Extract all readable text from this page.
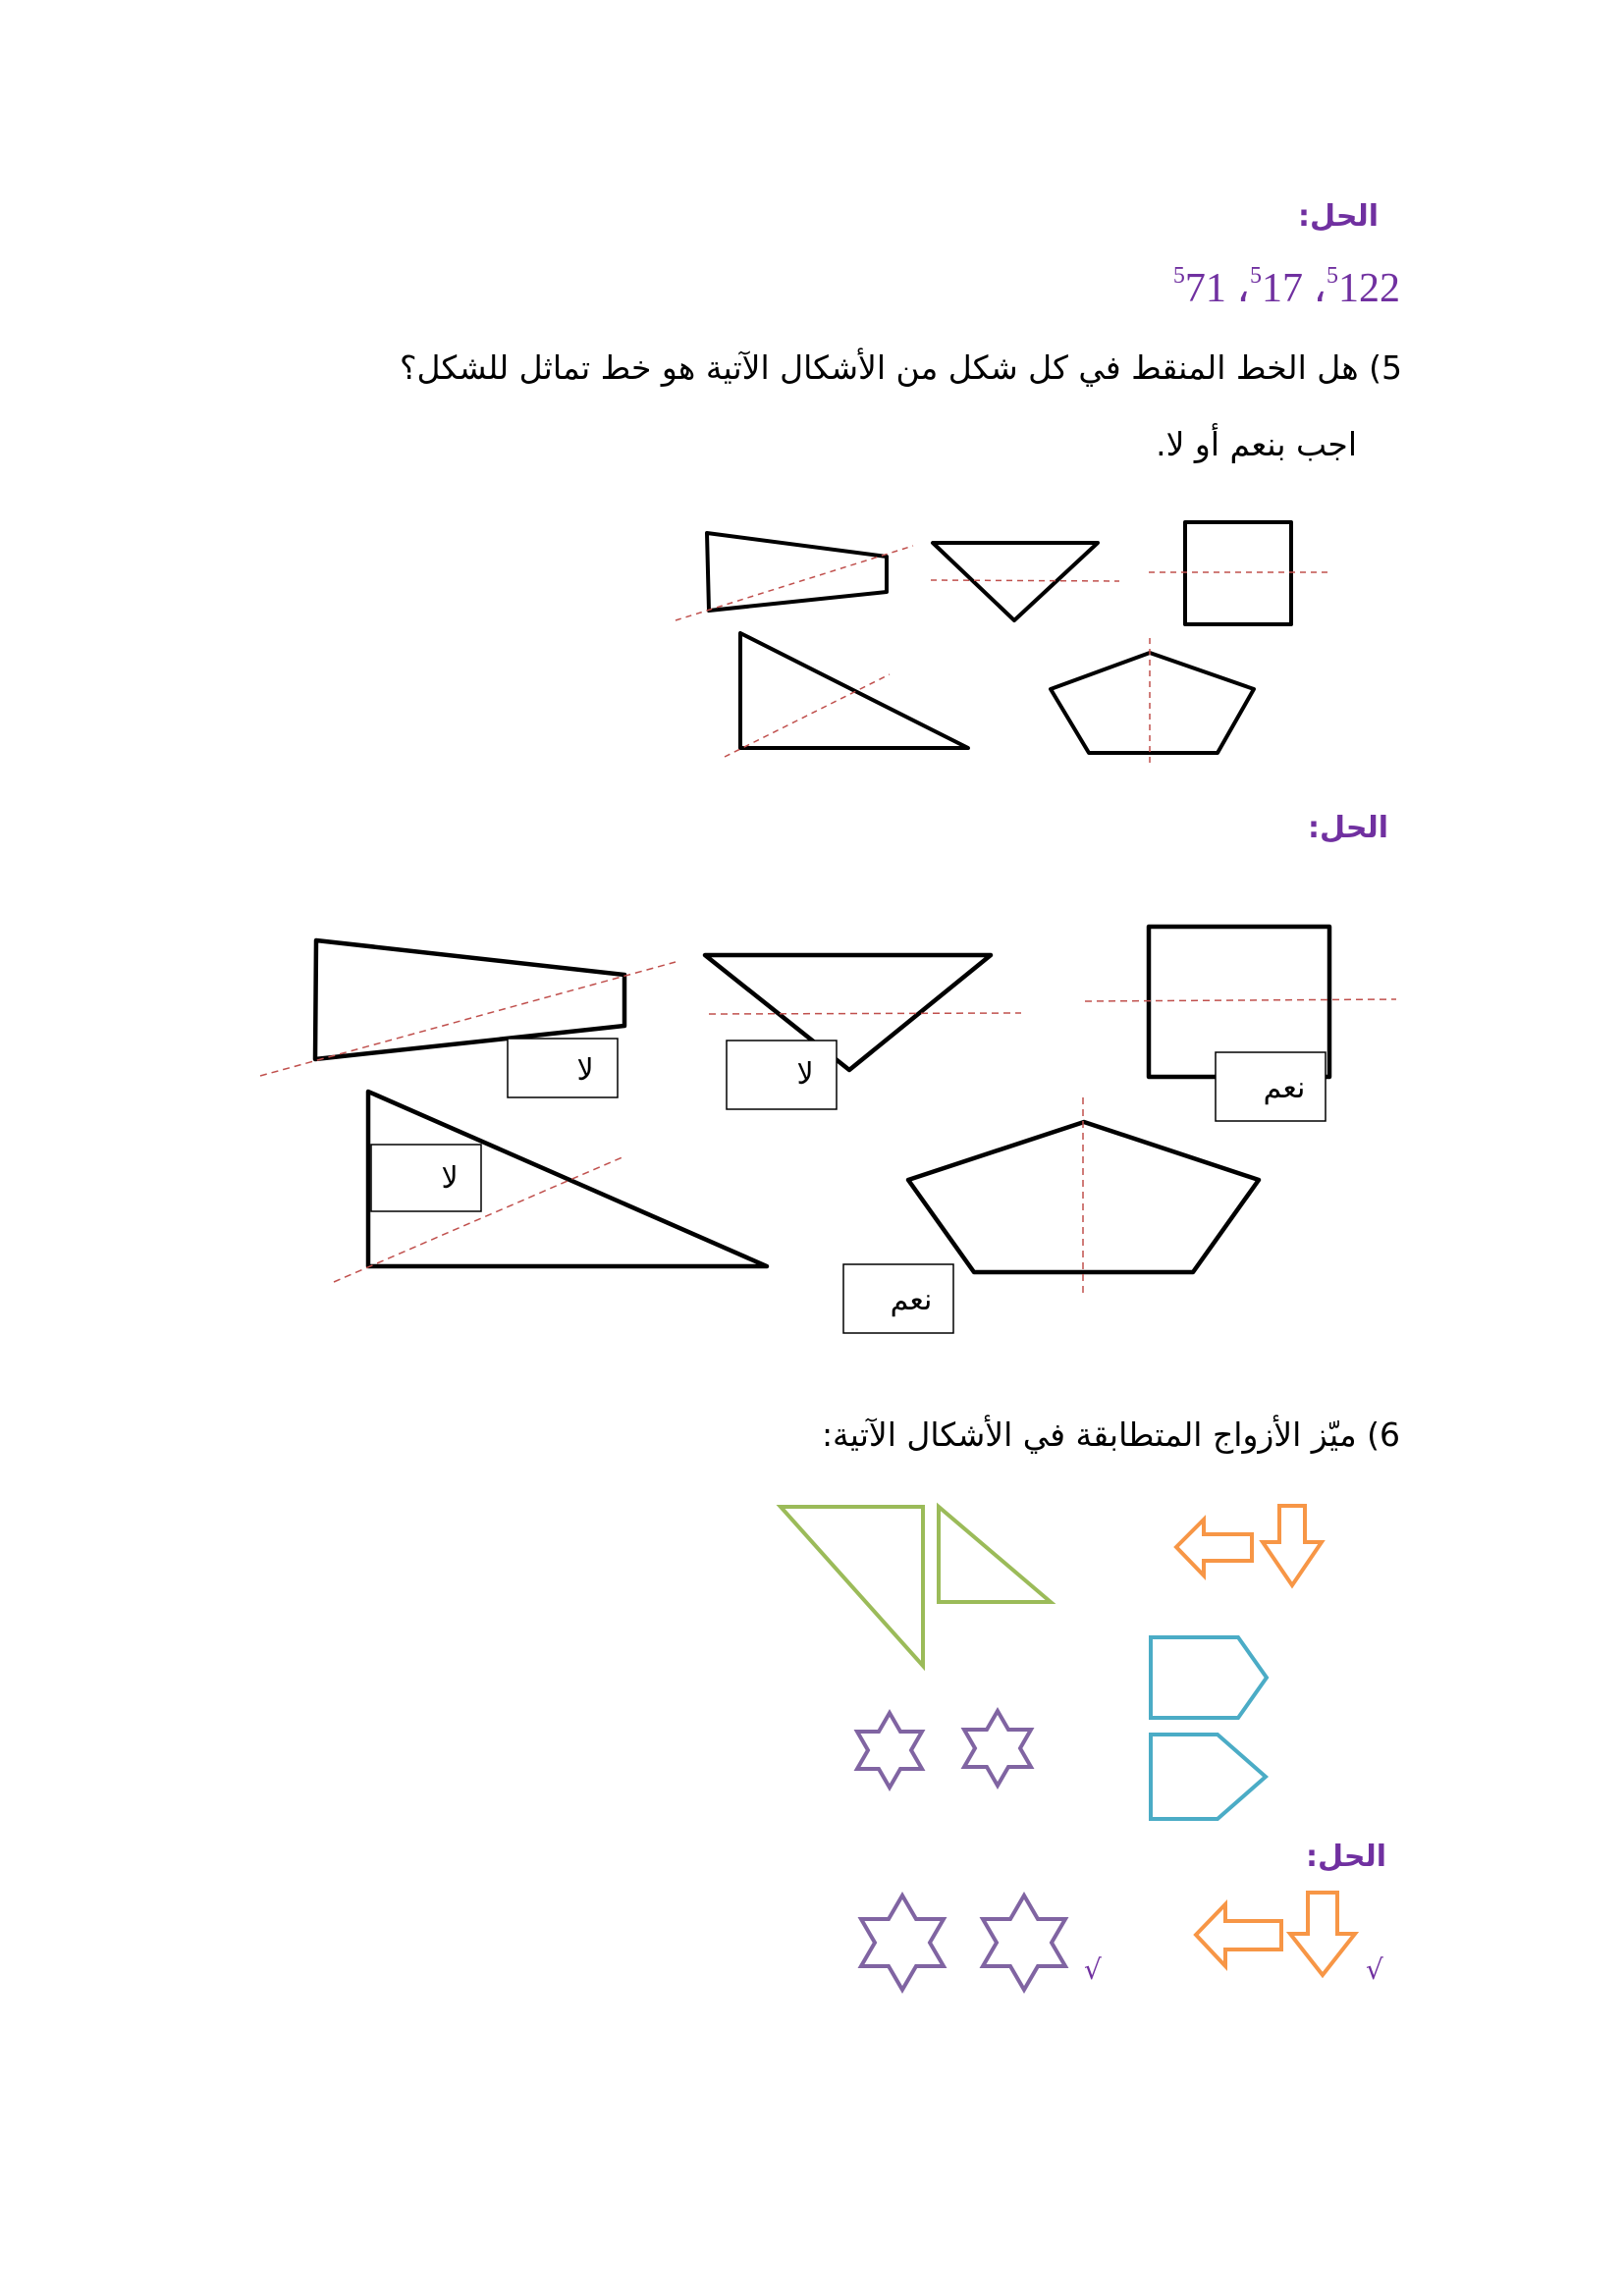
الحل:
$^5$122، $^5$17، $^5$71
5) هل الخط المنقط في كل شكل من الأشكال الآتية هو خط تماثل للشكل؟
اجب بنعم أو لا.
الحل:
لا	لا	نعم
لا
نعم
6) ميّز الأزواج المتطابقة في الأشكال الآتية:
الحل:
√	√
